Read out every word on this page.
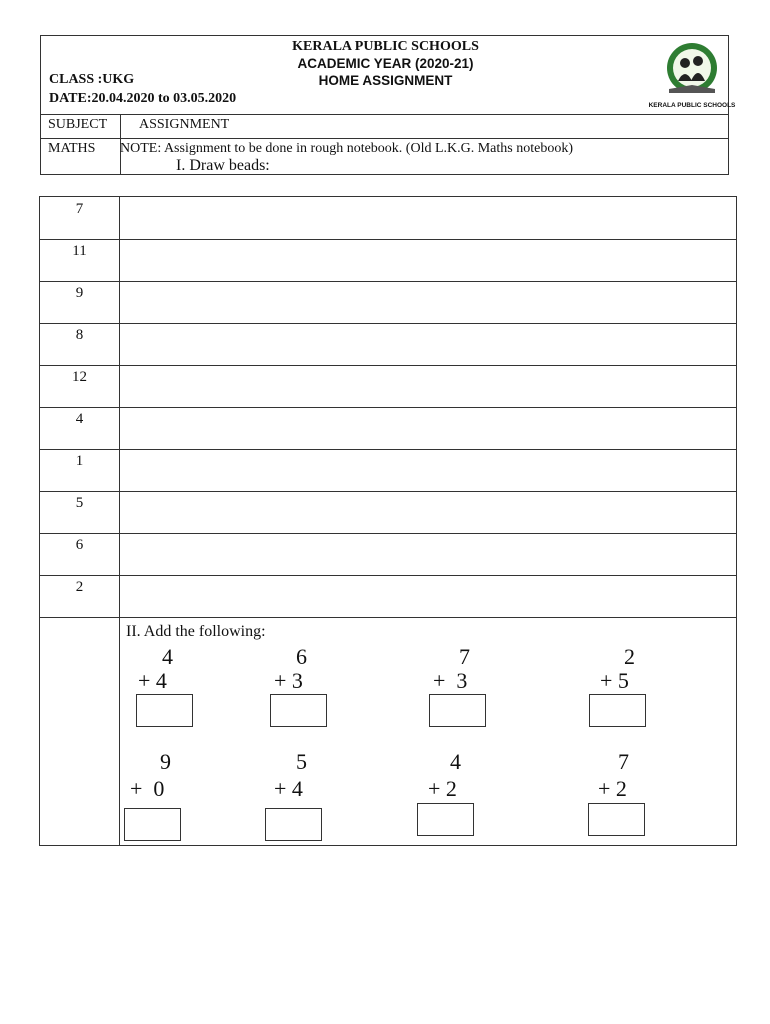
KERALA PUBLIC SCHOOLS
ACADEMIC YEAR (2020-21)
HOME ASSIGNMENT
CLASS :UKG
DATE:20.04.2020 to 03.05.2020	KERALA PUBLIC SCHOOLS
SUBJECT ASSIGNMENT
MATHS NOTE: Assignment to be done in rough notebook. (Old L.K.G. Maths notebook)
I. Draw beads:
7
11
9
8
12
4
1
5
6
2
II. Add the following:
4
+ 4
6
+ 3
7
+  3
2
+ 5
9
+  0
5
+ 4
4
+ 2
7
+ 2
